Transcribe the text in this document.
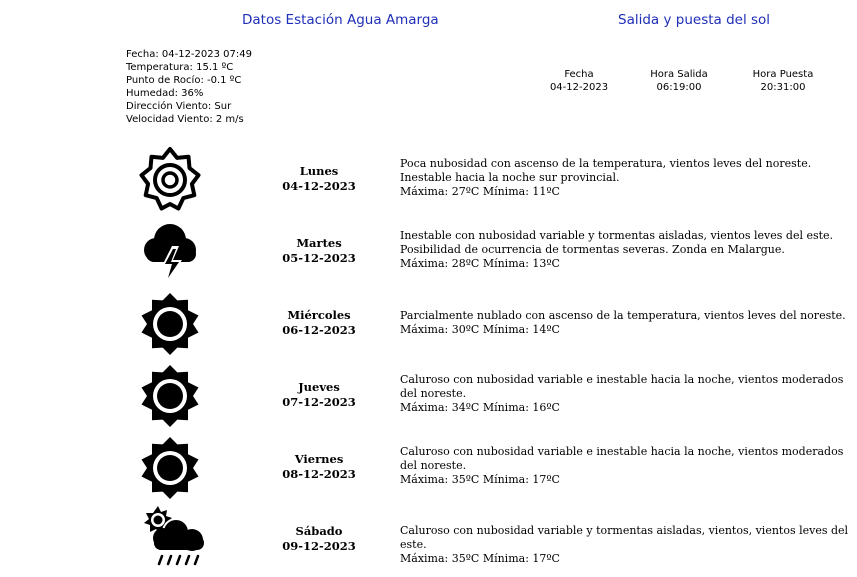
Datos Estación Agua Amarga	Salida y puesta del sol
Fecha: 04-12-2023 07:49
Temperatura: 15.1 ºC
Punto de Rocío: -0.1 ºC
Humedad: 36%
Dirección Viento: Sur
Velocidad Viento: 2 m/s
Fecha
04-12-2023
Hora Salida
06:19:00
Hora Puesta
20:31:00
Lunes
04-12-2023
Poca nubosidad con ascenso de la temperatura, vientos leves del noreste. Inestable hacia la noche sur provincial.
Máxima: 27ºC Mínima: 11ºC
Martes
05-12-2023
Inestable con nubosidad variable y tormentas aisladas, vientos leves del este. Posibilidad de ocurrencia de tormentas severas. Zonda en Malargue.
Máxima: 28ºC Mínima: 13ºC
Miércoles
06-12-2023
Parcialmente nublado con ascenso de la temperatura, vientos leves del noreste.
Máxima: 30ºC Mínima: 14ºC
Jueves
07-12-2023
Caluroso con nubosidad variable e inestable hacia la noche, vientos moderados del noreste.
Máxima: 34ºC Mínima: 16ºC
Viernes
08-12-2023
Caluroso con nubosidad variable e inestable hacia la noche, vientos moderados del noreste.
Máxima: 35ºC Mínima: 17ºC
Sábado
09-12-2023
Caluroso con nubosidad variable y tormentas aisladas, vientos, vientos leves del este.
Máxima: 35ºC Mínima: 17ºC
